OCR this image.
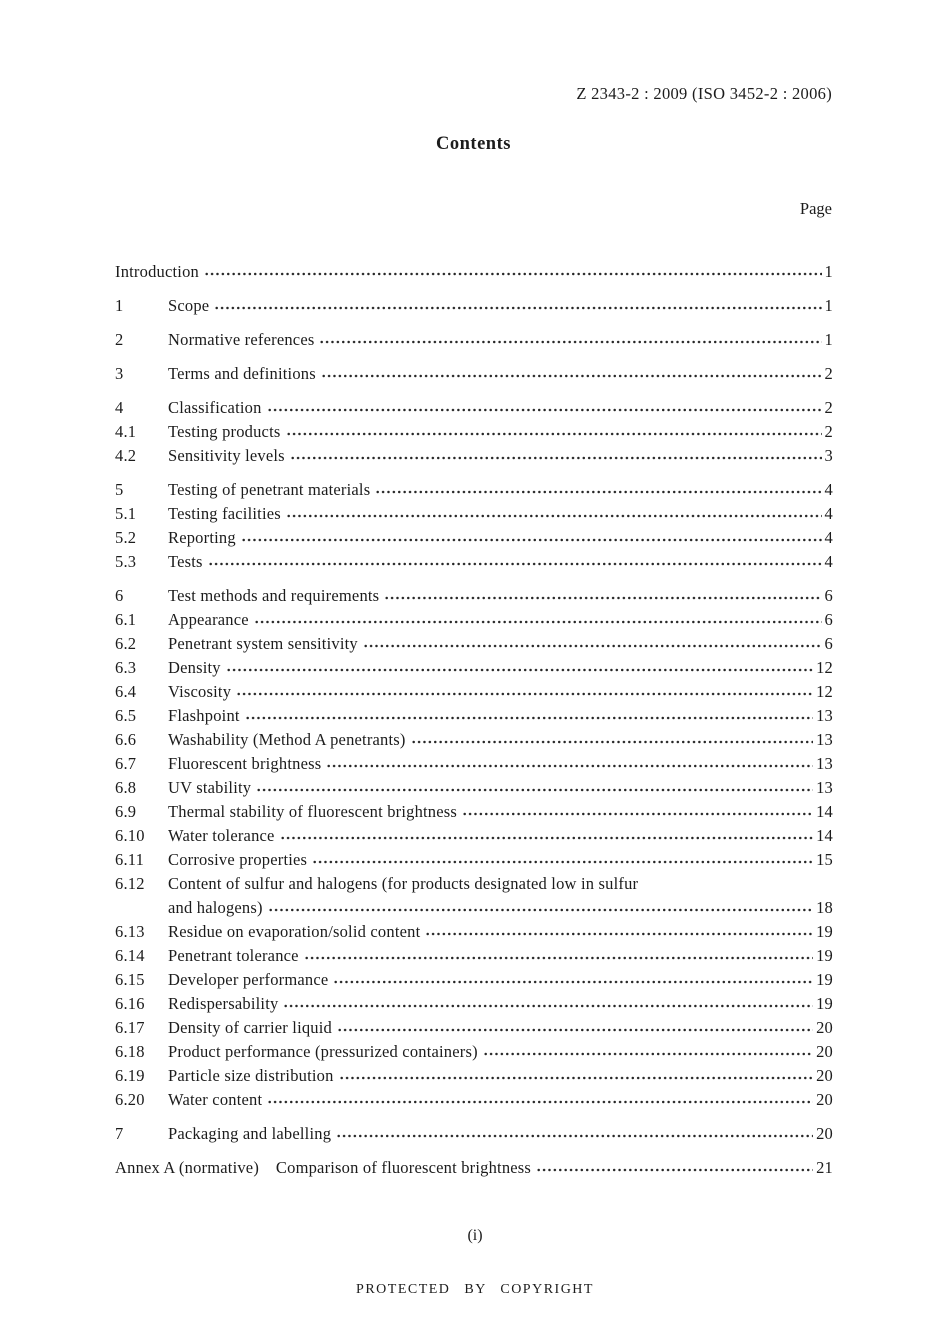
Z 2343-2 : 2009 (ISO 3452-2 : 2006)
Contents
Page
Introduction	1
1	Scope	1
2	Normative references	1
3	Terms and definitions	2
4	Classification	2
4.1	Testing products	2
4.2	Sensitivity levels	3
5	Testing of penetrant materials	4
5.1	Testing facilities	4
5.2	Reporting	4
5.3	Tests	4
6	Test methods and requirements	6
6.1	Appearance	6
6.2	Penetrant system sensitivity	6
6.3	Density	12
6.4	Viscosity	12
6.5	Flashpoint	13
6.6	Washability (Method A penetrants)	13
6.7	Fluorescent brightness	13
6.8	UV stability	13
6.9	Thermal stability of fluorescent brightness	14
6.10	Water tolerance	14
6.11	Corrosive properties	15
6.12	Content of sulfur and halogens (for products designated low in sulfur
and halogens)	18
6.13	Residue on evaporation/solid content	19
6.14	Penetrant tolerance	19
6.15	Developer performance	19
6.16	Redispersability	19
6.17	Density of carrier liquid	20
6.18	Product performance (pressurized containers)	20
6.19	Particle size distribution	20
6.20	Water content	20
7	Packaging and labelling	20
Annex A (normative)  Comparison of fluorescent brightness	21
(i)
PROTECTED BY COPYRIGHT
